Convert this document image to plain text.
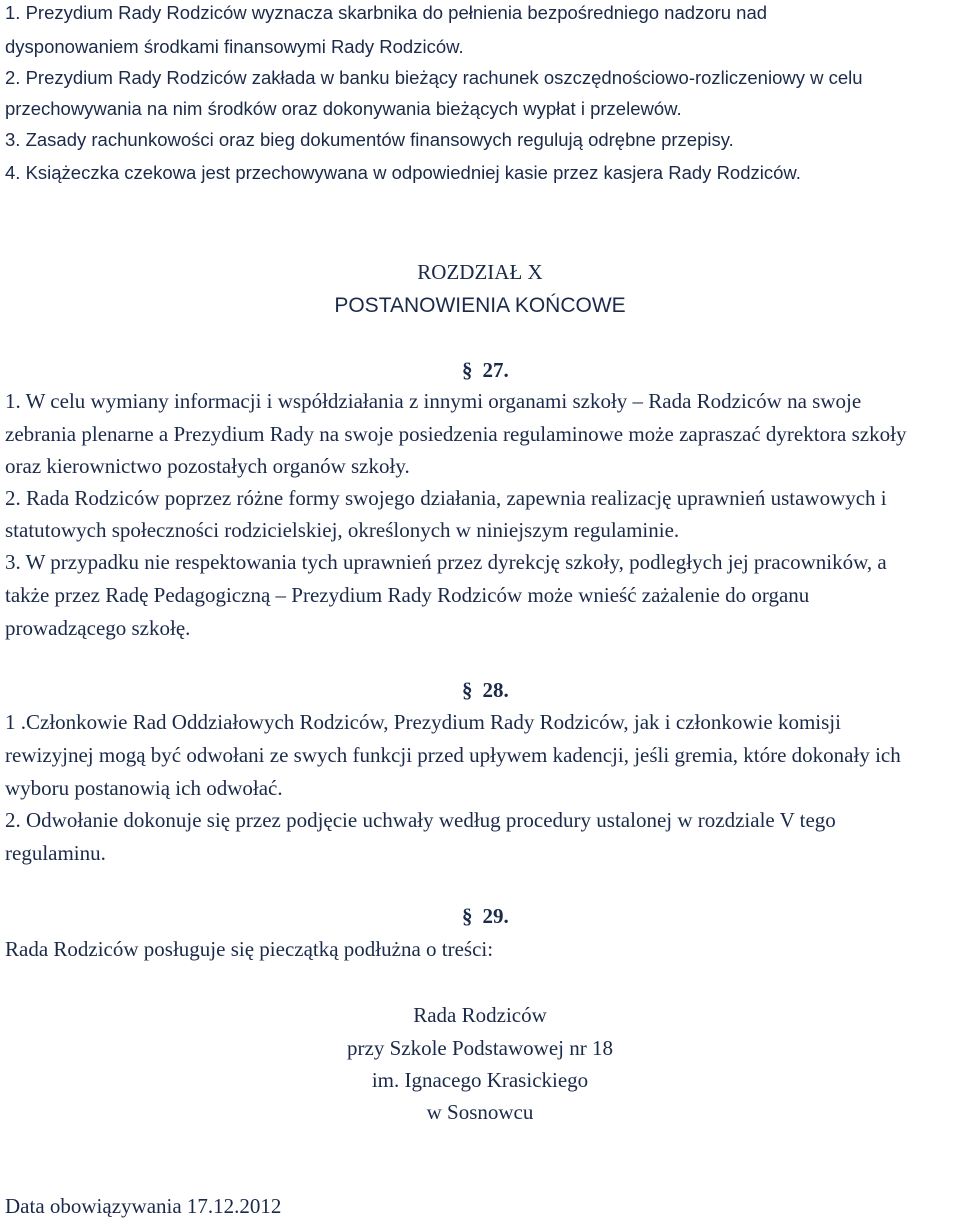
1. Prezydium Rady Rodziców wyznacza skarbnika do pełnienia bezpośredniego nadzoru nad
dysponowaniem środkami finansowymi Rady Rodziców.
2. Prezydium Rady Rodziców zakłada w banku bieżący rachunek oszczędnościowo-rozliczeniowy w celu
przechowywania na nim środków oraz dokonywania bieżących wypłat i przelewów.
3. Zasady rachunkowości oraz bieg dokumentów finansowych regulują odrębne przepisy.
4. Książeczka czekowa jest przechowywana w odpowiedniej kasie przez kasjera Rady Rodziców.
ROZDZIAŁ X
POSTANOWIENIA KOŃCOWE
§ 27.
1. W celu wymiany informacji i współdziałania z innymi organami szkoły – Rada Rodziców na swoje
zebrania plenarne a Prezydium Rady na swoje posiedzenia regulaminowe może zapraszać dyrektora szkoły
oraz kierownictwo pozostałych organów szkoły.
2. Rada Rodziców poprzez różne formy swojego działania, zapewnia realizację uprawnień ustawowych i
statutowych społeczności rodzicielskiej, określonych w niniejszym regulaminie.
3. W przypadku nie respektowania tych uprawnień przez dyrekcję szkoły, podległych jej pracowników, a
także przez Radę Pedagogiczną – Prezydium Rady Rodziców może wnieść zażalenie do organu
prowadzącego szkołę.
§ 28.
1 .Członkowie Rad Oddziałowych Rodziców, Prezydium Rady Rodziców, jak i członkowie komisji
rewizyjnej mogą być odwołani ze swych funkcji przed upływem kadencji, jeśli gremia, które dokonały ich
wyboru postanowią ich odwołać.
2. Odwołanie dokonuje się przez podjęcie uchwały według procedury ustalonej w rozdziale V tego
regulaminu.
§ 29.
Rada Rodziców posługuje się pieczątką podłużna o treści:
Rada Rodziców
przy Szkole Podstawowej nr 18
im. Ignacego Krasickiego
w Sosnowcu
Data obowiązywania 17.12.2012
